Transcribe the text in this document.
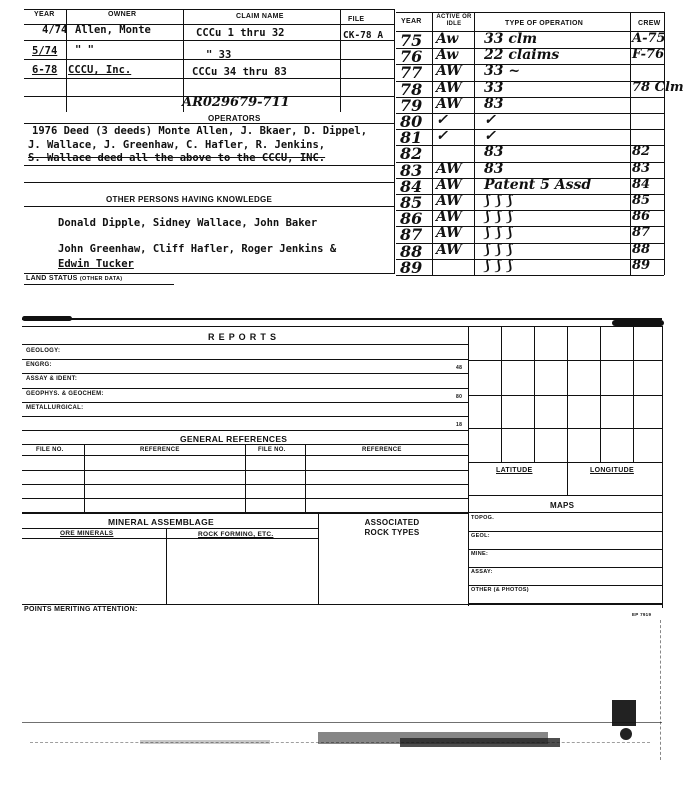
YEAR	OWNER	CLAIM NAME	FILE
4/74 Allen, Monte	CCCu 1 thru 32	CK-78 A
5/74 " "	" 33
6-78 CCCU, Inc.	CCCu 34 thru 83
AR029679-711
OPERATORS
1976 Deed (3 deeds) Monte Allen, J. Bkaer, D. Dippel,
J. Wallace, J. Greenhaw, C. Hafler, R. Jenkins,
S. Wallace deed all the above to the CCCU, INC.
OTHER PERSONS HAVING KNOWLEDGE
Donald Dipple, Sidney Wallace, John Baker
John Greenhaw, Cliff Hafler, Roger Jenkins &
Edwin Tucker
LAND STATUS (OTHER DATA)
YEAR
ACTIVE OR IDLE	TYPE OF OPERATION	CREW
75 Aw 33 clm	A-75
76 Aw 22 claims	F-76
77 AW 33 ~
78 AW 33	78 Clm
79 AW 83
80 ✓	✓
81 ✓	✓
82	83	82
83 AW 83	83
84 AW Patent 5 Assd	84
85 AW ⟆ ⟆ ⟆	85
86 AW ⟆ ⟆ ⟆	86
87 AW ⟆ ⟆ ⟆	87
88 AW ⟆ ⟆ ⟆	88
89	⟆ ⟆ ⟆	89
R E P O R T S
GEOLOGY:
ENGRG:	48
ASSAY & IDENT:
GEOPHYS. & GEOCHEM:	80
METALLURGICAL:
18
LATITUDE	LONGITUDE
MAPS
TOPOG.
GEOL:
MINE:
ASSAY:
OTHER (& PHOTOS)
GENERAL REFERENCES
FILE NO.	REFERENCE	FILE NO.	REFERENCE
MINERAL ASSEMBLAGE	ASSOCIATED ROCK TYPES
ORE MINERALS	ROCK FORMING, ETC.
POINTS MERITING ATTENTION:
EP 7919
